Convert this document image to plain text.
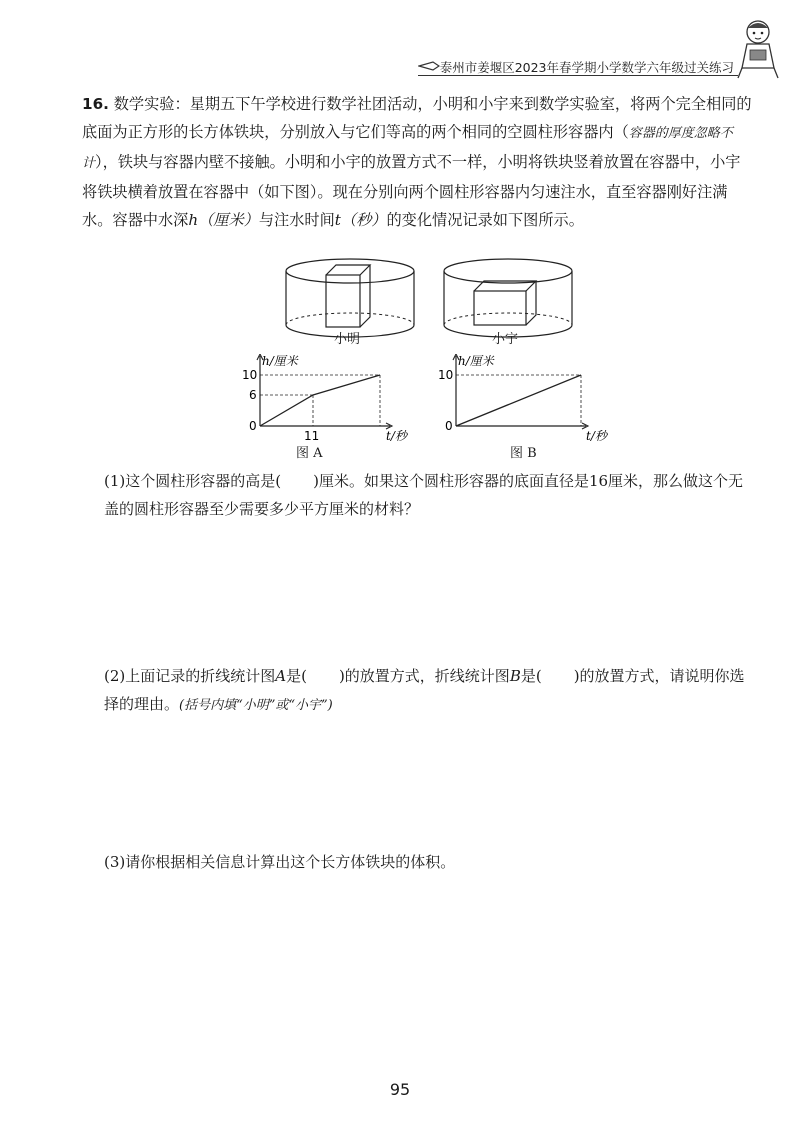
泰州市姜堰区2023年春学期小学数学六年级过关练习
16. 数学实验：星期五下午学校进行数学社团活动，小明和小宇来到数学实验室，将两个完全相同的底面为正方形的长方体铁块，分别放入与它们等高的两个相同的空圆柱形容器内（容器的厚度忽略不计），铁块与容器内壁不接触。小明和小宇的放置方式不一样，小明将铁块竖着放置在容器中，小宇将铁块横着放置在容器中（如下图）。现在分别向两个圆柱形容器内匀速注水，直至容器刚好注满水。容器中水深h（厘米）与注水时间t（秒）的变化情况记录如下图所示。
小明	小宇
h/厘米
10
6
0
11	t/秒
图 A
h/厘米
10
0
t/秒
图 B
(1)这个圆柱形容器的高是( )厘米。如果这个圆柱形容器的底面直径是16厘米，那么做这个无盖的圆柱形容器至少需要多少平方厘米的材料？
(2)上面记录的折线统计图A是( )的放置方式，折线统计图B是( )的放置方式，请说明你选择的理由。(括号内填“小明”或“小宇”)
(3)请你根据相关信息计算出这个长方体铁块的体积。
95
